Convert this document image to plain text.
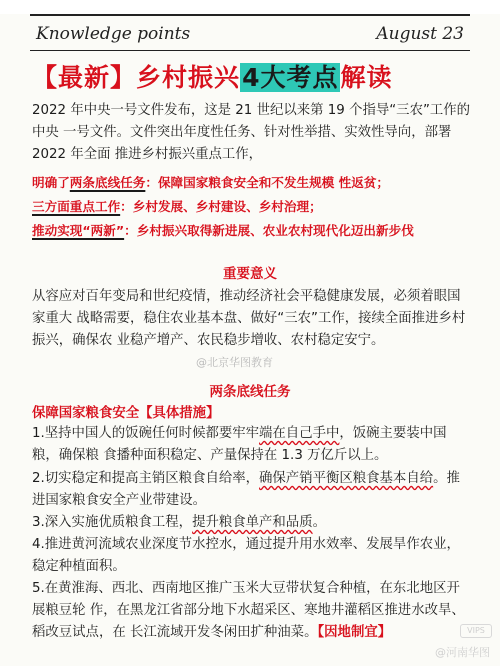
Knowledge points	August 23
【最新】乡村振兴4大考点解读
2022 年中央一号文件发布，这是 21 世纪以来第 19 个指导“三农”工作的中央 一号文件。文件突出年度性任务、针对性举措、实效性导向，部署 2022 年全面 推进乡村振兴重点工作，
明确了两条底线任务：保障国家粮食安全和不发生规模 性返贫；
三方面重点工作：乡村发展、乡村建设、乡村治理；
推动实现“两新”：乡村振兴取得新进展、农业农村现代化迈出新步伐
重要意义
从容应对百年变局和世纪疫情，推动经济社会平稳健康发展，必须着眼国家重大 战略需要，稳住农业基本盘、做好“三农”工作，接续全面推进乡村振兴，确保农 业稳产增产、农民稳步增收、农村稳定安宁。
@北京华图教育
两条底线任务
保障国家粮食安全【具体措施】
1.坚持中国人的饭碗任何时候都要牢牢端在自己手中，饭碗主要装中国粮，确保粮 食播种面积稳定、产量保持在 1.3 万亿斤以上。
2.切实稳定和提高主销区粮食自给率，确保产销平衡区粮食基本自给。推进国家粮食安全产业带建设。
3.深入实施优质粮食工程，提升粮食单产和品质。
4.推进黄河流域农业深度节水控水，通过提升用水效率、发展旱作农业，稳定种植面积。
5.在黄淮海、西北、西南地区推广玉米大豆带状复合种植，在东北地区开展粮豆轮 作，在黑龙江省部分地下水超采区、寒地井灌稻区推进水改旱、稻改豆试点，在 长江流域开发冬闲田扩种油菜。【因地制宜】	VIPS
@河南华图
